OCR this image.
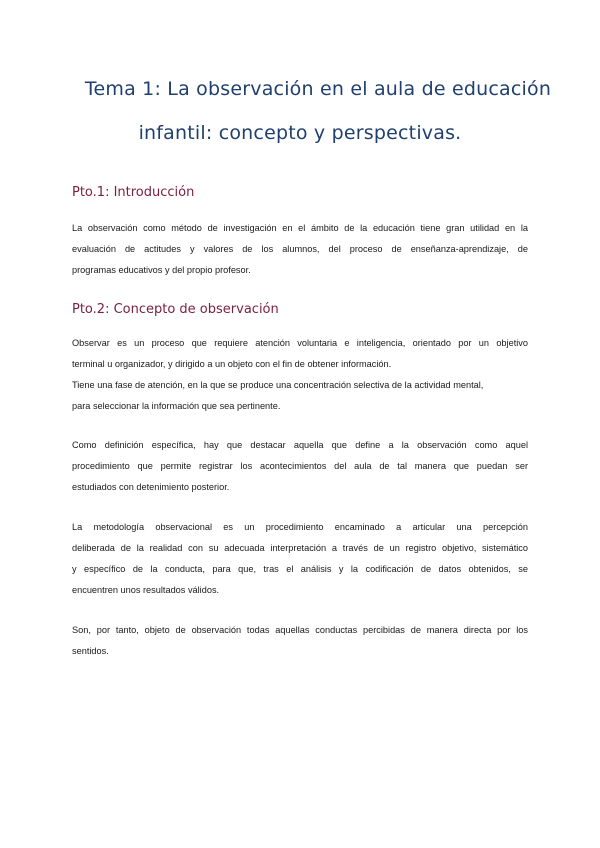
Tema 1: La observación en el aula de educación
infantil: concepto y perspectivas.
Pto.1: Introducción
La observación como método de investigación en el ámbito de la educación tiene gran utilidad en la
evaluación de actitudes y valores de los alumnos, del proceso de enseñanza-aprendizaje, de
programas educativos y del propio profesor.
Pto.2: Concepto de observación
Observar es un proceso que requiere atención voluntaria e inteligencia, orientado por un objetivo
terminal u organizador, y dirigido a un objeto con el fin de obtener información.
Tiene una fase de atención, en la que se produce una concentración selectiva de la actividad mental,
para seleccionar la información que sea pertinente.
Como definición específica, hay que destacar aquella que define a la observación como aquel
procedimiento que permite registrar los acontecimientos del aula de tal manera que puedan ser
estudiados con detenimiento posterior.
La metodología observacional es un procedimiento encaminado a articular una percepción
deliberada de la realidad con su adecuada interpretación a través de un registro objetivo, sistemático
y específico de la conducta, para que, tras el análisis y la codificación de datos obtenidos, se
encuentren unos resultados válidos.
Son, por tanto, objeto de observación todas aquellas conductas percibidas de manera directa por los
sentidos.
